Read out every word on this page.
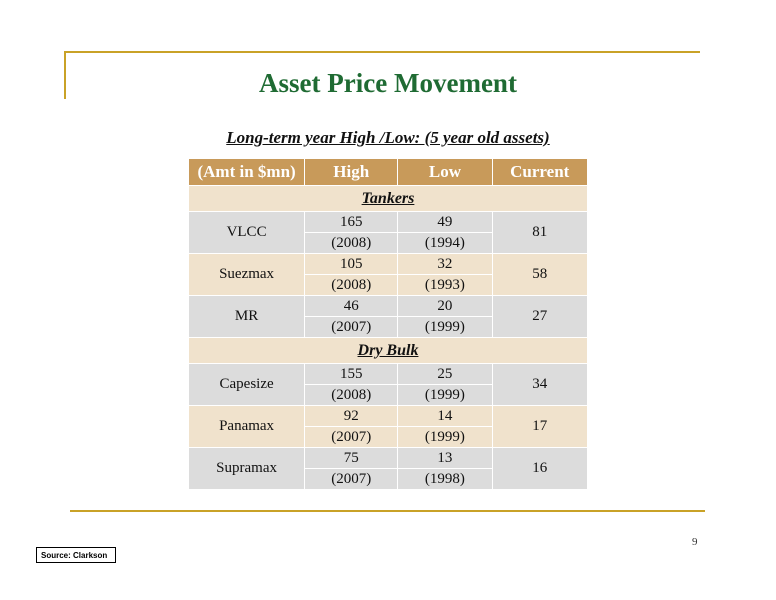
Asset Price Movement
Long-term year High /Low: (5 year old assets)
(Amt in $mn)	High	Low	Current
Tankers			
VLCC	165	49	81
	(2008)	(1994)	
Suezmax	105	32	58
	(2008)	(1993)	
MR	46	20	27
	(2007)	(1999)	
Dry Bulk			
Capesize	155	25	34
	(2008)	(1999)	
Panamax	92	14	17
	(2007)	(1999)	
Supramax	75	13	16
	(2007)	(1998)	
9
Source: Clarkson
